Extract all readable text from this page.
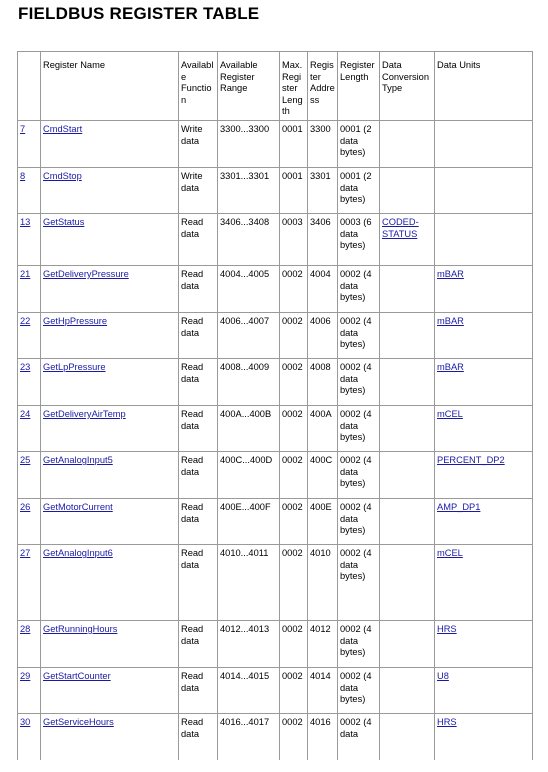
FIELDBUS REGISTER TABLE
	Register Name	Available Function	Available Register Range	Max. Register Length	Register Address	Register Length	Data Conversion Type	Data Units
7	CmdStart	Write data	3300...3300	0001	3300	0001 (2 data bytes)		
8	CmdStop	Write data	3301...3301	0001	3301	0001 (2 data bytes)		
13	GetStatus	Read data	3406...3408	0003	3406	0003 (6 data bytes)	CODED-STATUS	
21	GetDeliveryPressure	Read data	4004...4005	0002	4004	0002 (4 data bytes)		mBAR
22	GetHpPressure	Read data	4006...4007	0002	4006	0002 (4 data bytes)		mBAR
23	GetLpPressure	Read data	4008...4009	0002	4008	0002 (4 data bytes)		mBAR
24	GetDeliveryAirTemp	Read data	400A...400B	0002	400A	0002 (4 data bytes)		mCEL
25	GetAnalogInput5	Read data	400C...400D	0002	400C	0002 (4 data bytes)		PERCENT_DP2
26	GetMotorCurrent	Read data	400E...400F	0002	400E	0002 (4 data bytes)		AMP_DP1
27	GetAnalogInput6	Read data	4010...4011	0002	4010	0002 (4 data bytes)		mCEL
28	GetRunningHours	Read data	4012...4013	0002	4012	0002 (4 data bytes)		HRS
29	GetStartCounter	Read data	4014...4015	0002	4014	0002 (4 data bytes)		U8
30	GetServiceHours	Read data	4016...4017	0002	4016	0002 (4 data		HRS
